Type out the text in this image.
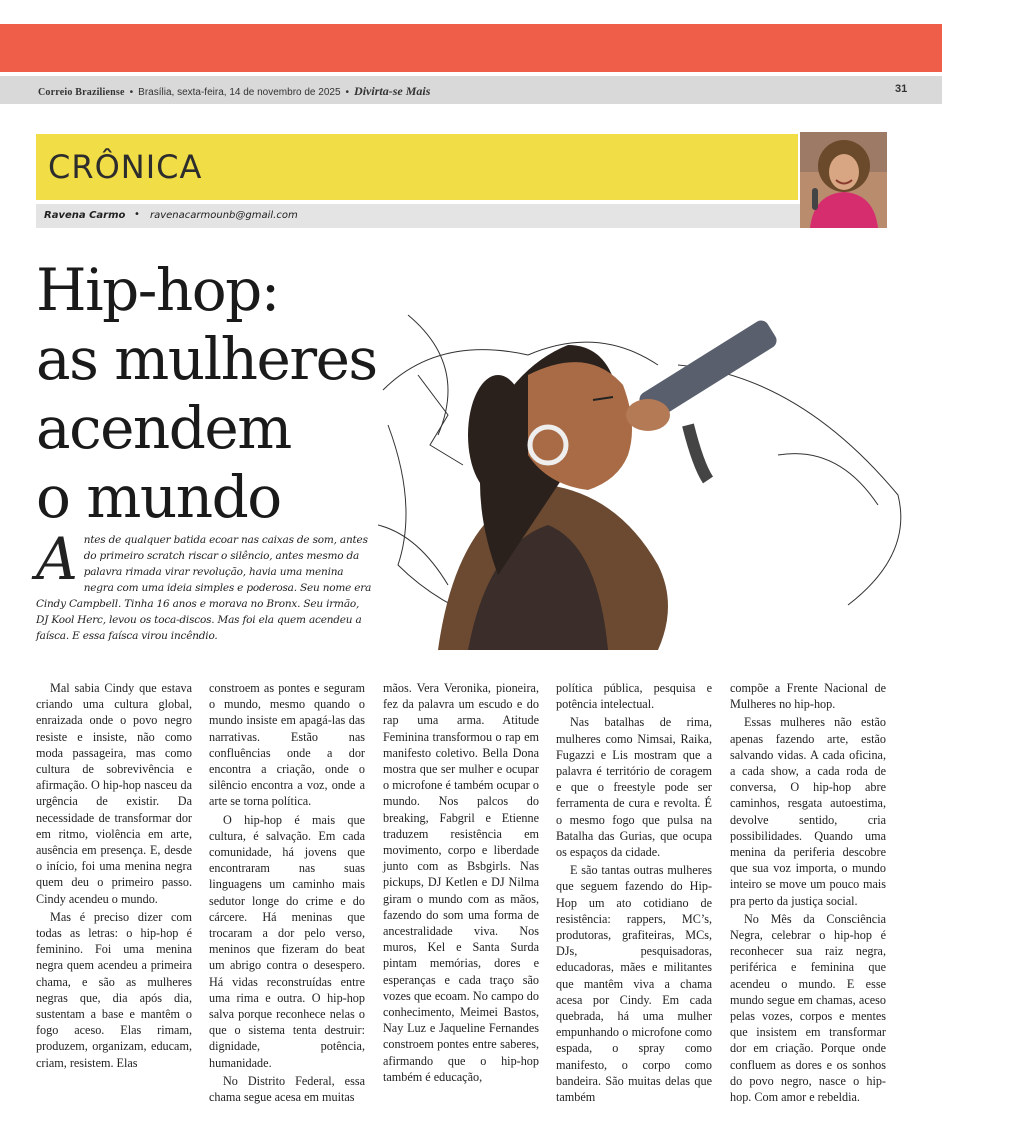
Correio Braziliense • Brasília, sexta-feira, 14 de novembro de 2025 • Divirta-se Mais	31
CRÔNICA
Ravena Carmo • ravenacarmounb@gmail.com
Hip-hop:
as mulheres
acendem
o mundo
Antes de qualquer batida ecoar nas caixas de som, antes do primeiro scratch riscar o silêncio, antes mesmo da palavra rimada virar revolução, havia uma menina negra com uma ideia simples e poderosa. Seu nome era Cindy Campbell. Tinha 16 anos e morava no Bronx. Seu irmão, DJ Kool Herc, levou os toca-discos. Mas foi ela quem acendeu a faísca. E essa faísca virou incêndio.

Mal sabia Cindy que estava criando uma cultura global, enraizada onde o povo negro resiste e insiste, não como moda passageira, mas como cultura de sobrevivência e afirmação. O hip-hop nasceu da urgência de existir. Da necessidade de transformar dor em ritmo, violência em arte, ausência em presença. E, desde o início, foi uma menina negra quem deu o primeiro passo. Cindy acendeu o mundo.

Mas é preciso dizer com todas as letras: o hip-hop é feminino. Foi uma menina negra quem acendeu a primeira chama, e são as mulheres negras que, dia após dia, sustentam a base e mantêm o fogo aceso. Elas rimam, produzem, organizam, educam, criam, resistem. Elas

constroem as pontes e seguram o mundo, mesmo quando o mundo insiste em apagá-las das narrativas. Estão nas confluências onde a dor encontra a criação, onde o silêncio encontra a voz, onde a arte se torna política.

O hip-hop é mais que cultura, é salvação. Em cada comunidade, há jovens que encontraram nas suas linguagens um caminho mais sedutor longe do crime e do cárcere. Há meninas que trocaram a dor pelo verso, meninos que fizeram do beat um abrigo contra o desespero. Há vidas reconstruídas entre uma rima e outra. O hip-hop salva porque reconhece nelas o que o sistema tenta destruir: dignidade, potência, humanidade.

No Distrito Federal, essa chama segue acesa em muitas

mãos. Vera Veronika, pioneira, fez da palavra um escudo e do rap uma arma. Atitude Feminina transformou o rap em manifesto coletivo. Bella Dona mostra que ser mulher e ocupar o microfone é também ocupar o mundo. Nos palcos do breaking, Fabgril e Etienne traduzem resistência em movimento, corpo e liberdade junto com as Bsbgirls. Nas pickups, DJ Ketlen e DJ Nilma giram o mundo com as mãos, fazendo do som uma forma de ancestralidade viva. Nos muros, Kel e Santa Surda pintam memórias, dores e esperanças e cada traço são vozes que ecoam. No campo do conhecimento, Meimei Bastos, Nay Luz e Jaqueline Fernandes constroem pontes entre saberes, afirmando que o hip-hop também é educação,

política pública, pesquisa e potência intelectual.

Nas batalhas de rima, mulheres como Nimsai, Raika, Fugazzi e Lis mostram que a palavra é território de coragem e que o freestyle pode ser ferramenta de cura e revolta. É o mesmo fogo que pulsa na Batalha das Gurias, que ocupa os espaços da cidade.

E são tantas outras mulheres que seguem fazendo do Hip-Hop um ato cotidiano de resistência: rappers, MC’s, produtoras, grafiteiras, MCs, DJs, pesquisadoras, educadoras, mães e militantes que mantêm viva a chama acesa por Cindy. Em cada quebrada, há uma mulher empunhando o microfone como espada, o spray como manifesto, o corpo como bandeira. São muitas delas que também

compõe a Frente Nacional de Mulheres no hip-hop.

Essas mulheres não estão apenas fazendo arte, estão salvando vidas. A cada oficina, a cada show, a cada roda de conversa, O hip-hop abre caminhos, resgata autoestima, devolve sentido, cria possibilidades. Quando uma menina da periferia descobre que sua voz importa, o mundo inteiro se move um pouco mais pra perto da justiça social.

No Mês da Consciência Negra, celebrar o hip-hop é reconhecer sua raiz negra, periférica e feminina que acendeu o mundo. E esse mundo segue em chamas, aceso pelas vozes, corpos e mentes que insistem em transformar dor em criação. Porque onde confluem as dores e os sonhos do povo negro, nasce o hip-hop. Com amor e rebeldia.
